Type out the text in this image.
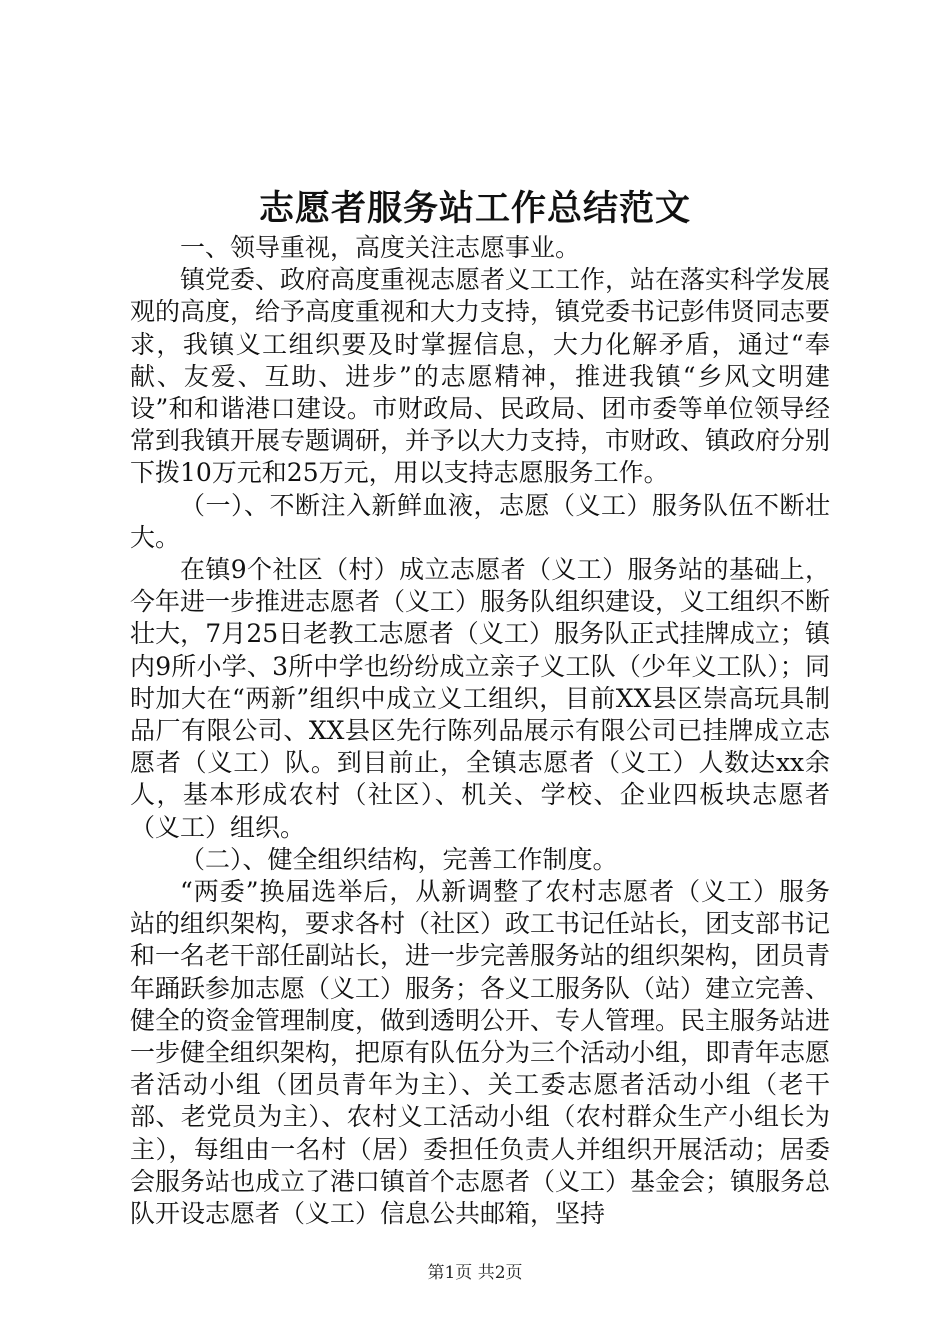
志愿者服务站工作总结范文

一、领导重视，高度关注志愿事业。

镇党委、政府高度重视志愿者义工工作，站在落实科学发展观的高度，给予高度重视和大力支持，镇党委书记彭伟贤同志要求，我镇义工组织要及时掌握信息，大力化解矛盾，通过“奉献、友爱、互助、进步”的志愿精神，推进我镇“乡风文明建设”和和谐港口建设。市财政局、民政局、团市委等单位领导经常到我镇开展专题调研，并予以大力支持，市财政、镇政府分别下拨10万元和25万元，用以支持志愿服务工作。

（一）、不断注入新鲜血液，志愿（义工）服务队伍不断壮大。

在镇9个社区（村）成立志愿者（义工）服务站的基础上，今年进一步推进志愿者（义工）服务队组织建设，义工组织不断壮大，7月25日老教工志愿者（义工）服务队正式挂牌成立；镇内9所小学、3所中学也纷纷成立亲子义工队（少年义工队）；同时加大在“两新”组织中成立义工组织，目前XX县区崇高玩具制品厂有限公司、XX县区先行陈列品展示有限公司已挂牌成立志愿者（义工）队。到目前止，全镇志愿者（义工）人数达xx余人，基本形成农村（社区）、机关、学校、企业四板块志愿者（义工）组织。

（二）、健全组织结构，完善工作制度。

“两委”换届选举后，从新调整了农村志愿者（义工）服务站的组织架构，要求各村（社区）政工书记任站长，团支部书记和一名老干部任副站长，进一步完善服务站的组织架构，团员青年踊跃参加志愿（义工）服务；各义工服务队（站）建立完善、健全的资金管理制度，做到透明公开、专人管理。民主服务站进一步健全组织架构，把原有队伍分为三个活动小组，即青年志愿者活动小组（团员青年为主）、关工委志愿者活动小组（老干部、老党员为主）、农村义工活动小组（农村群众生产小组长为主），每组由一名村（居）委担任负责人并组织开展活动；居委会服务站也成立了港口镇首个志愿者（义工）基金会；镇服务总队开设志愿者（义工）信息公共邮箱，坚持

第1页 共2页
